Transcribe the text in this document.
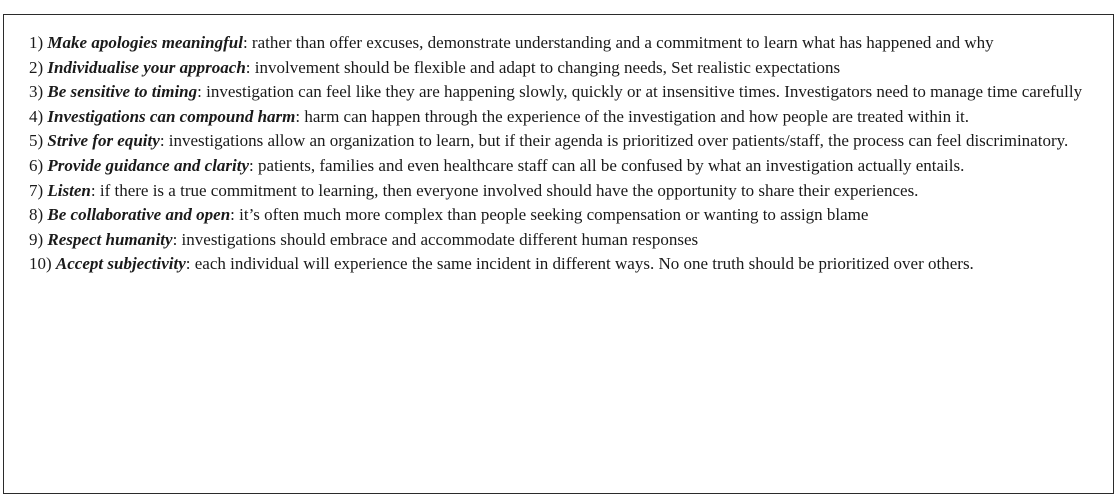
1) Make apologies meaningful: rather than offer excuses, demonstrate understanding and a commitment to learn what has happened and why

2) Individualise your approach: involvement should be flexible and adapt to changing needs, Set realistic expectations

3) Be sensitive to timing: investigation can feel like they are happening slowly, quickly or at insensitive times. Investigators need to manage time carefully

4) Investigations can compound harm: harm can happen through the experience of the investigation and how people are treated within it.

5) Strive for equity: investigations allow an organization to learn, but if their agenda is prioritized over patients/staff, the process can feel discriminatory.

6) Provide guidance and clarity: patients, families and even healthcare staff can all be confused by what an investigation actually entails.

7) Listen: if there is a true commitment to learning, then everyone involved should have the opportunity to share their experiences.

8) Be collaborative and open: it’s often much more complex than people seeking compensation or wanting to assign blame

9) Respect humanity: investigations should embrace and accommodate different human responses

10) Accept subjectivity: each individual will experience the same incident in different ways. No one truth should be prioritized over others.
